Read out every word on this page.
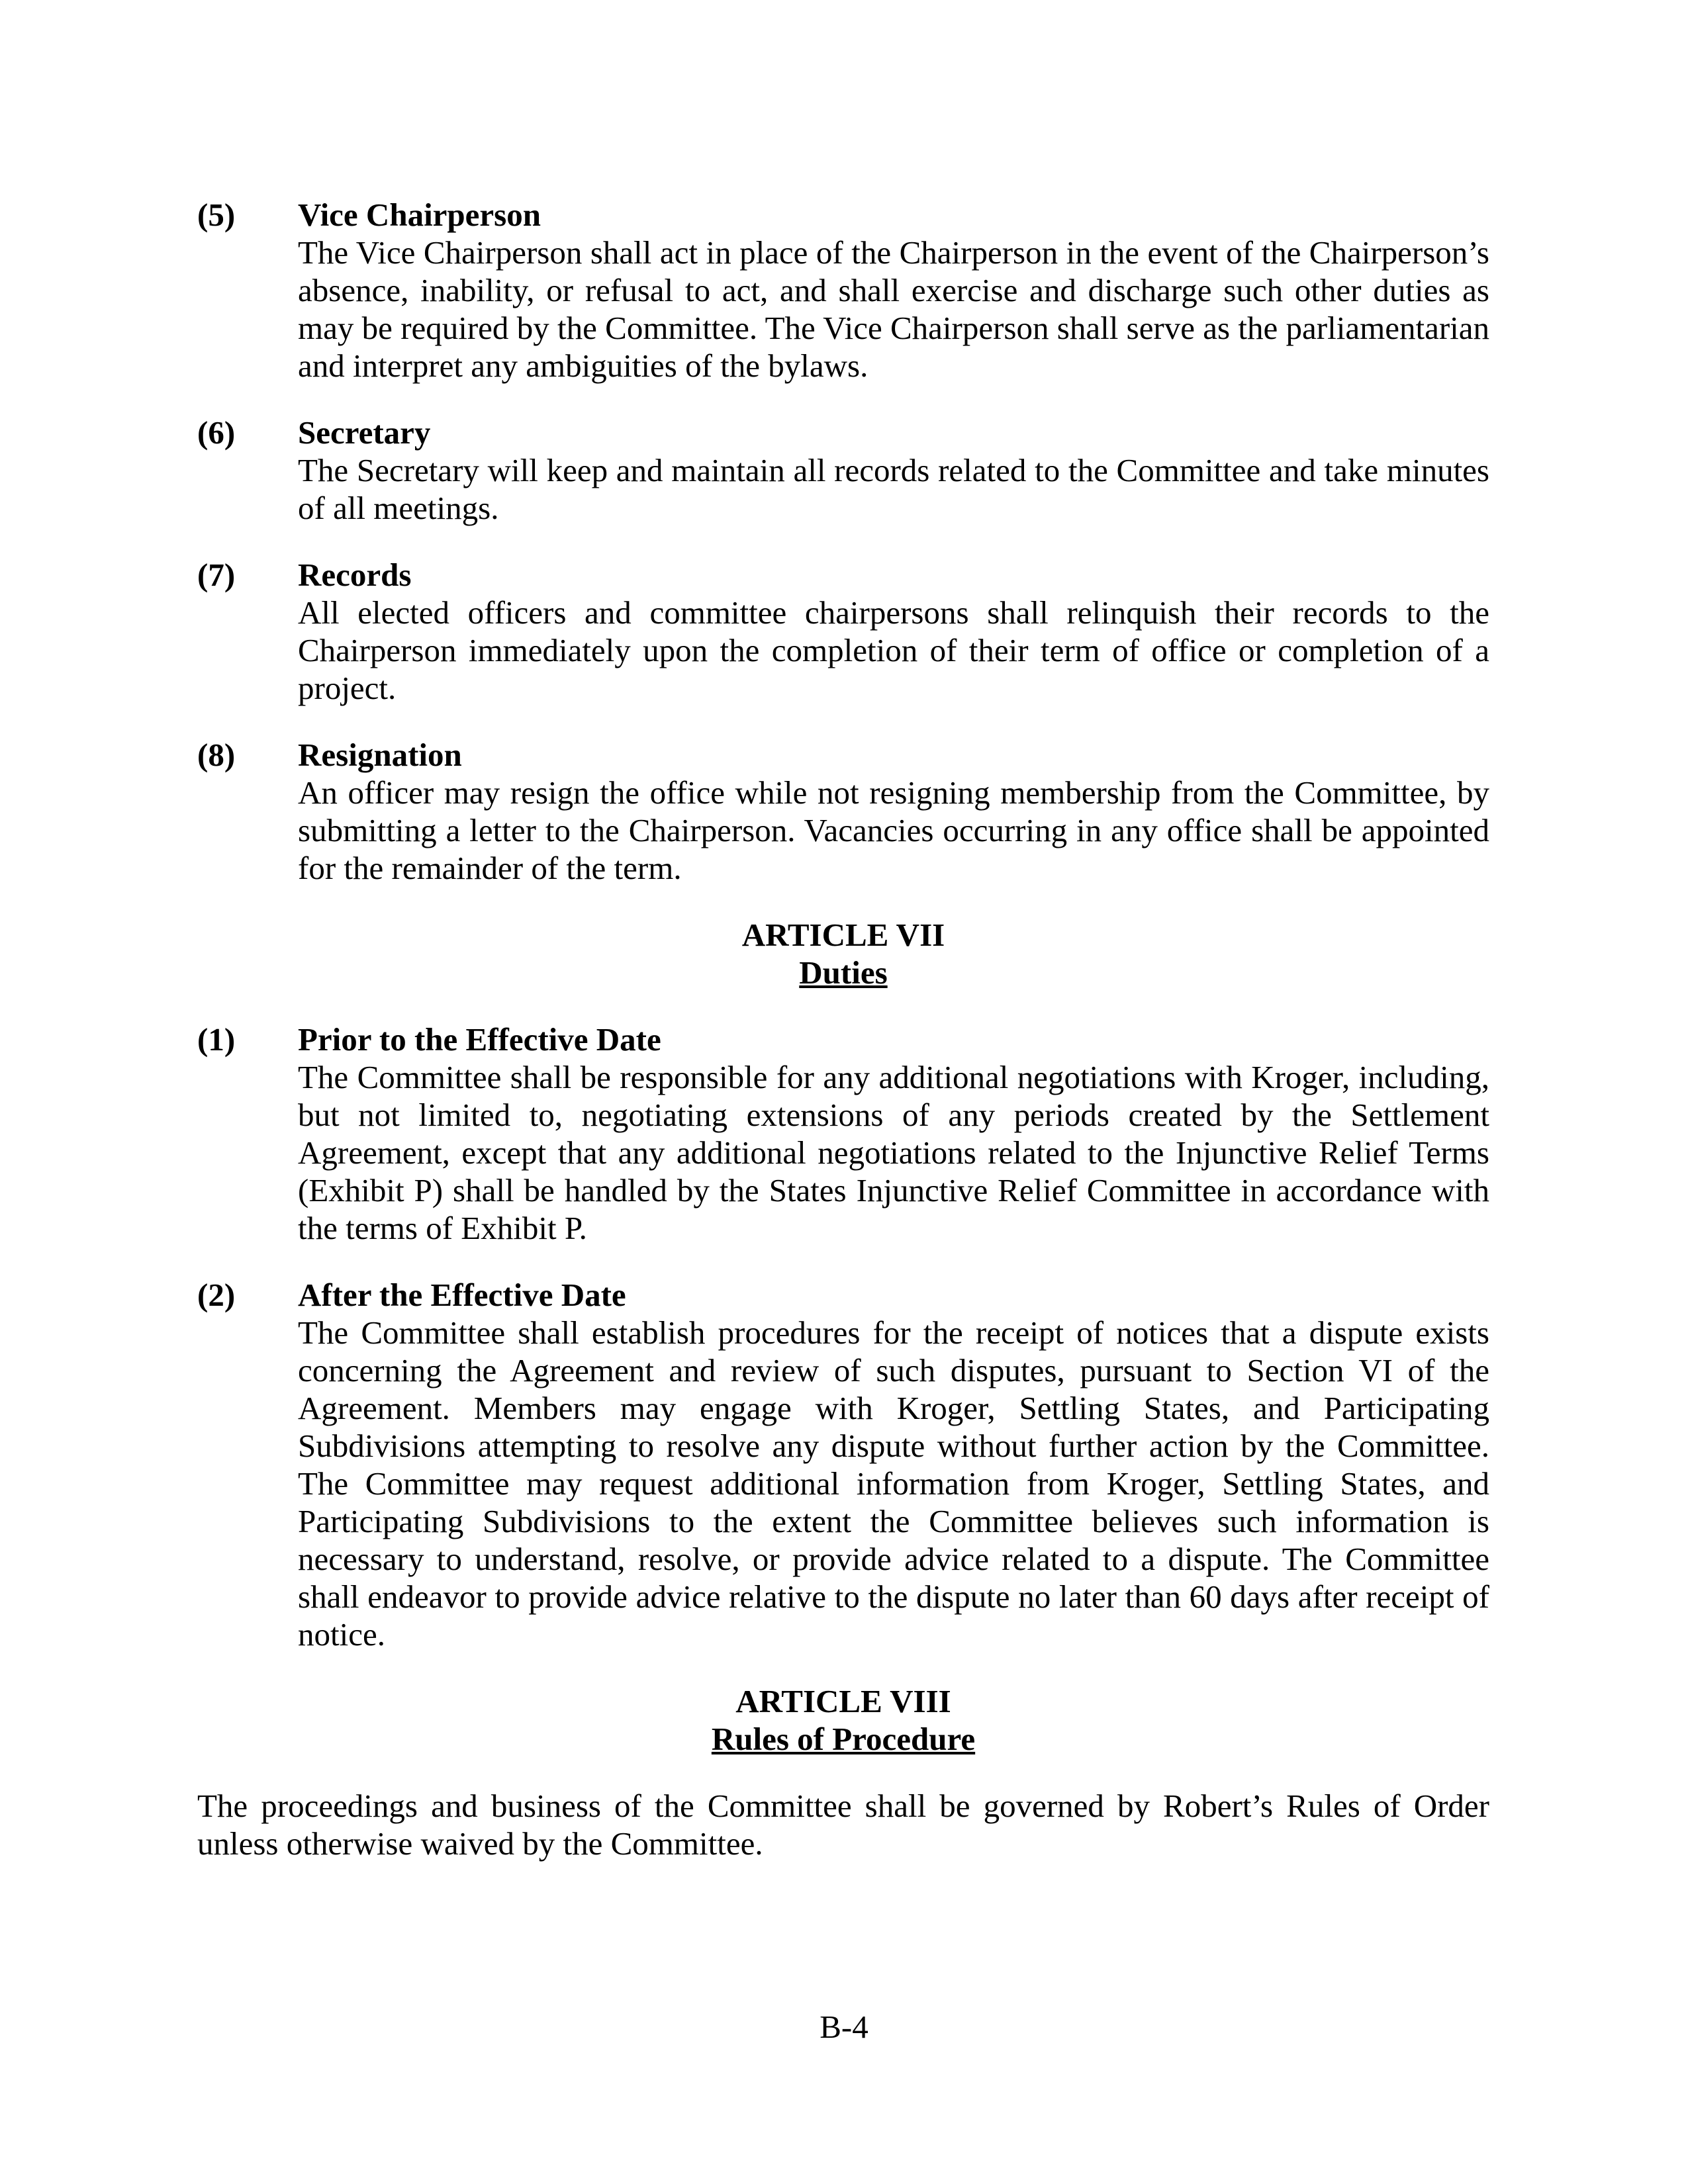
(5) Vice Chairperson
The Vice Chairperson shall act in place of the Chairperson in the event of the Chairperson’s absence, inability, or refusal to act, and shall exercise and discharge such other duties as may be required by the Committee. The Vice Chairperson shall serve as the parliamentarian and interpret any ambiguities of the bylaws.
(6) Secretary
The Secretary will keep and maintain all records related to the Committee and take minutes of all meetings.
(7) Records
All elected officers and committee chairpersons shall relinquish their records to the Chairperson immediately upon the completion of their term of office or completion of a project.
(8) Resignation
An officer may resign the office while not resigning membership from the Committee, by submitting a letter to the Chairperson. Vacancies occurring in any office shall be appointed for the remainder of the term.
ARTICLE VII
Duties
(1) Prior to the Effective Date
The Committee shall be responsible for any additional negotiations with Kroger, including, but not limited to, negotiating extensions of any periods created by the Settlement Agreement, except that any additional negotiations related to the Injunctive Relief Terms (Exhibit P) shall be handled by the States Injunctive Relief Committee in accordance with the terms of Exhibit P.
(2) After the Effective Date
The Committee shall establish procedures for the receipt of notices that a dispute exists concerning the Agreement and review of such disputes, pursuant to Section VI of the Agreement. Members may engage with Kroger, Settling States, and Participating Subdivisions attempting to resolve any dispute without further action by the Committee. The Committee may request additional information from Kroger, Settling States, and Participating Subdivisions to the extent the Committee believes such information is necessary to understand, resolve, or provide advice related to a dispute. The Committee shall endeavor to provide advice relative to the dispute no later than 60 days after receipt of notice.
ARTICLE VIII
Rules of Procedure
The proceedings and business of the Committee shall be governed by Robert’s Rules of Order unless otherwise waived by the Committee.
B-4
